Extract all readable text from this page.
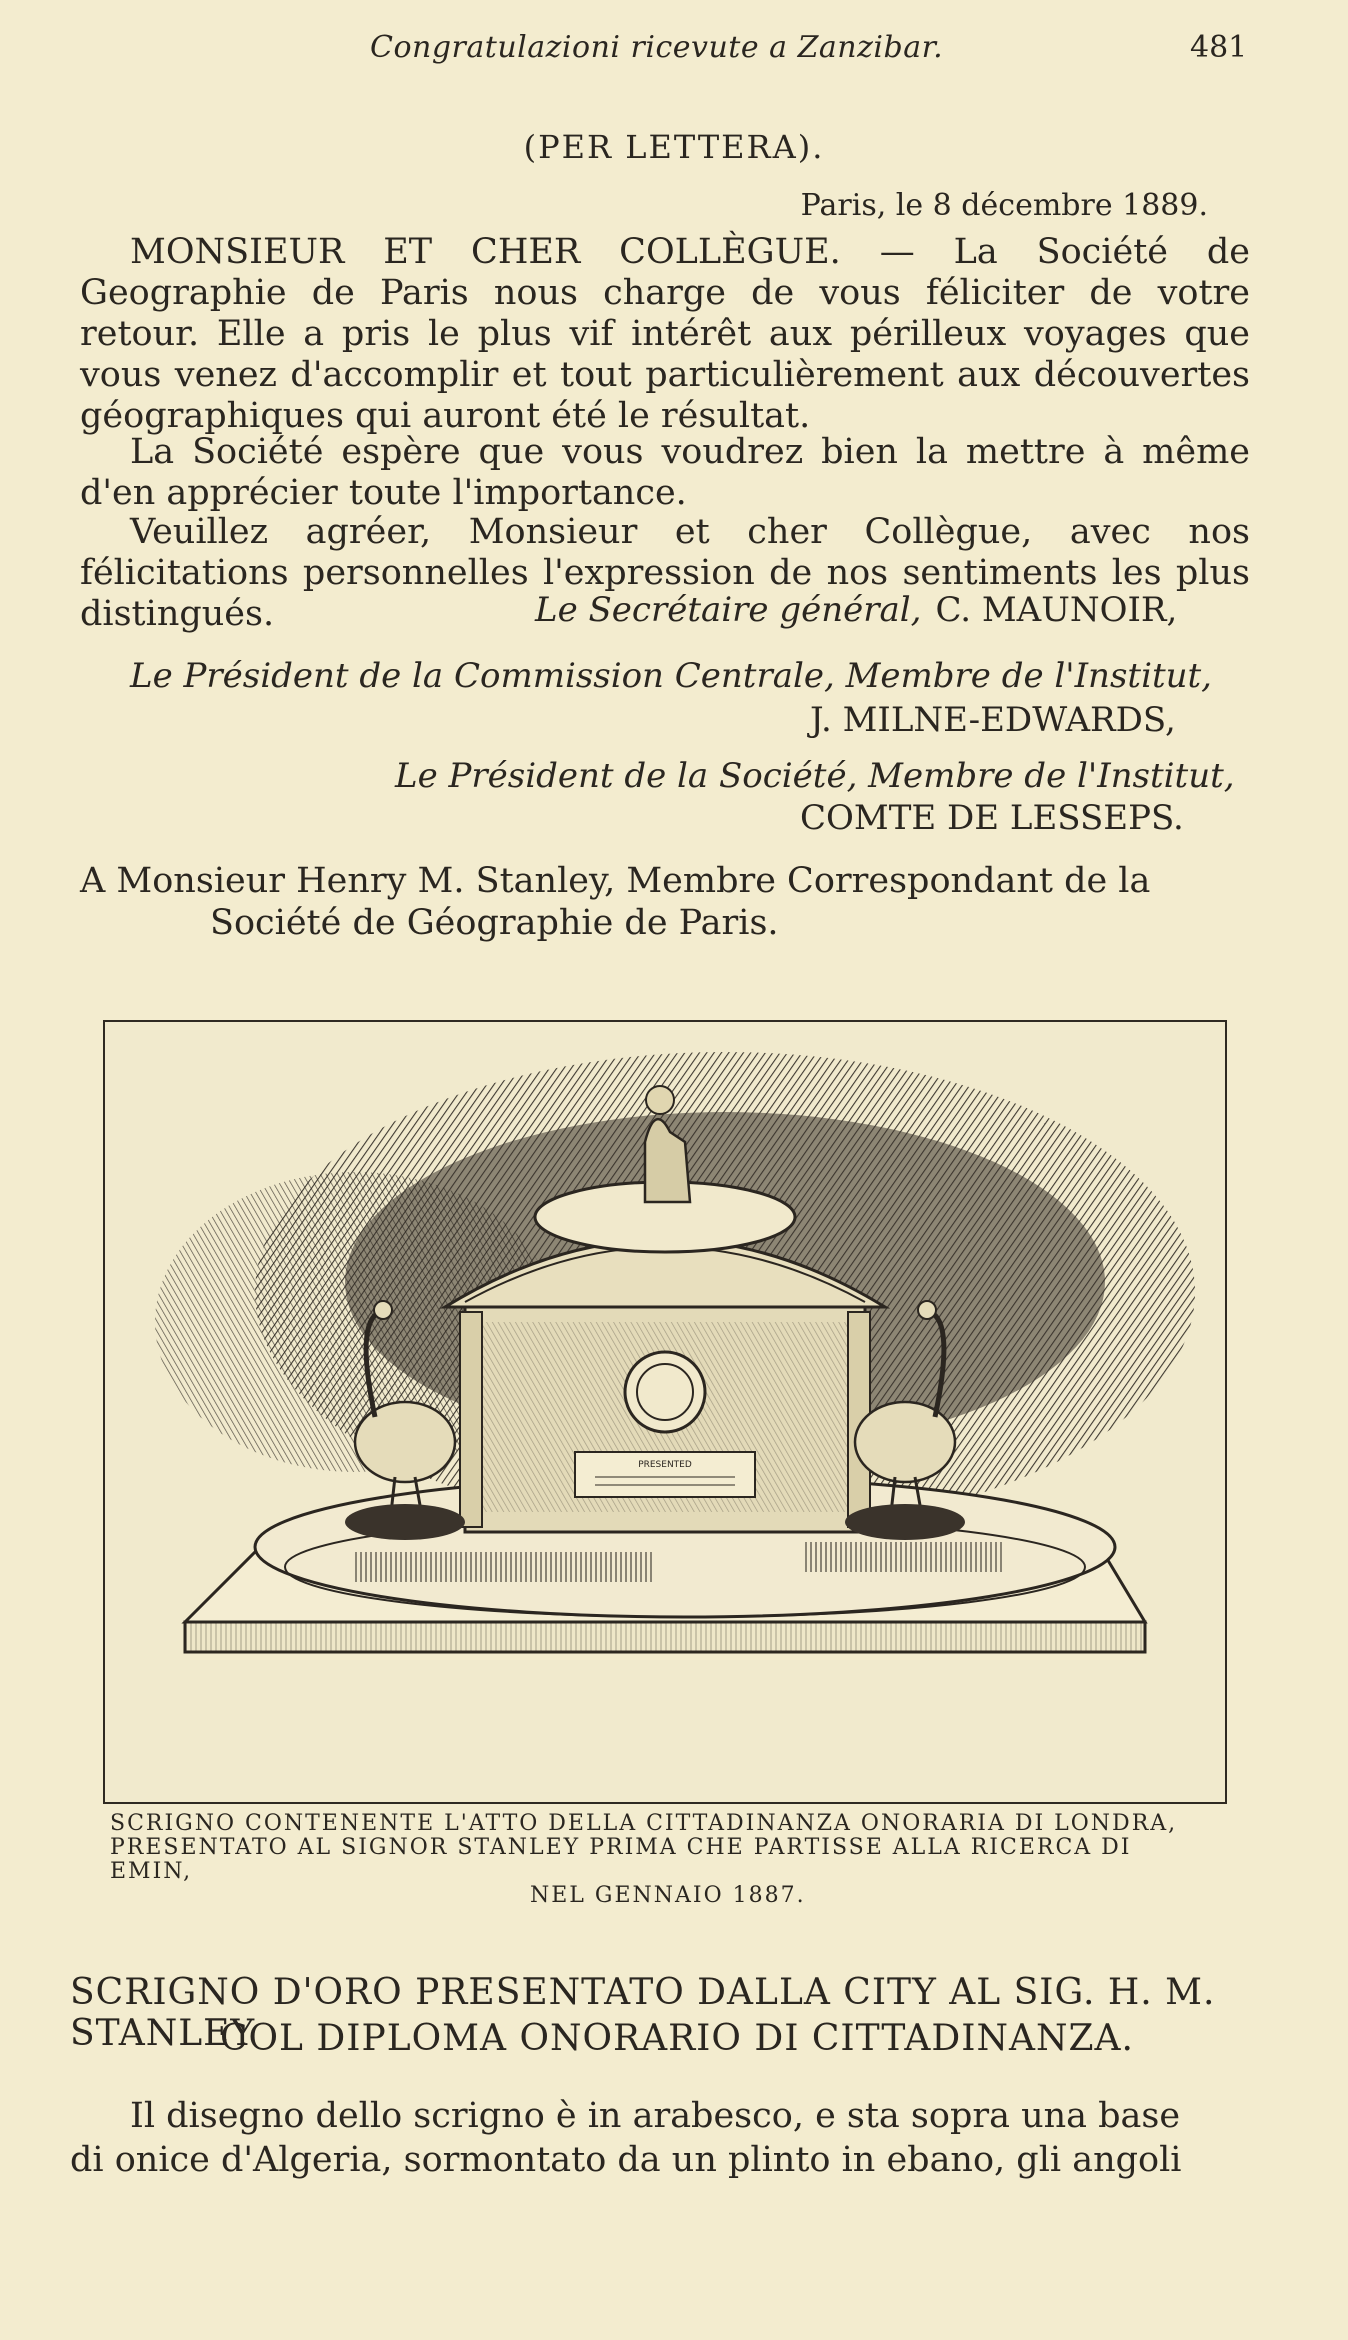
Congratulazioni ricevute a Zanzibar.	481
(PER LETTERA).
Paris, le 8 décembre 1889.
MONSIEUR ET CHER COLLÈGUE. — La Société de Geographie de Paris nous charge de vous féliciter de votre retour. Elle a pris le plus vif intérêt aux périlleux voyages que vous venez d'accomplir et tout particulièrement aux découvertes géographiques qui auront été le résultat.
La Société espère que vous voudrez bien la mettre à même d'en apprécier toute l'importance.
Veuillez agréer, Monsieur et cher Collègue, avec nos félicitations personnelles l'expression de nos sentiments les plus distingués.	Le Secrétaire général, C. MAUNOIR,
Le Président de la Commission Centrale, Membre de l'Institut,
J. MILNE-EDWARDS,
Le Président de la Société, Membre de l'Institut,
COMTE DE LESSEPS.
A Monsieur Henry M. Stanley, Membre Correspondant de la
Société de Géographie de Paris.
PRESENTED
SCRIGNO CONTENENTE L'ATTO DELLA CITTADINANZA ONORARIA DI LONDRA,
PRESENTATO AL SIGNOR STANLEY PRIMA CHE PARTISSE ALLA RICERCA DI EMIN,
NEL GENNAIO 1887.
SCRIGNO D'ORO PRESENTATO DALLA CITY AL SIG. H. M. STANLEY
COL DIPLOMA ONORARIO DI CITTADINANZA.
Il disegno dello scrigno è in arabesco, e sta sopra una base
di onice d'Algeria, sormontato da un plinto in ebano, gli angoli
